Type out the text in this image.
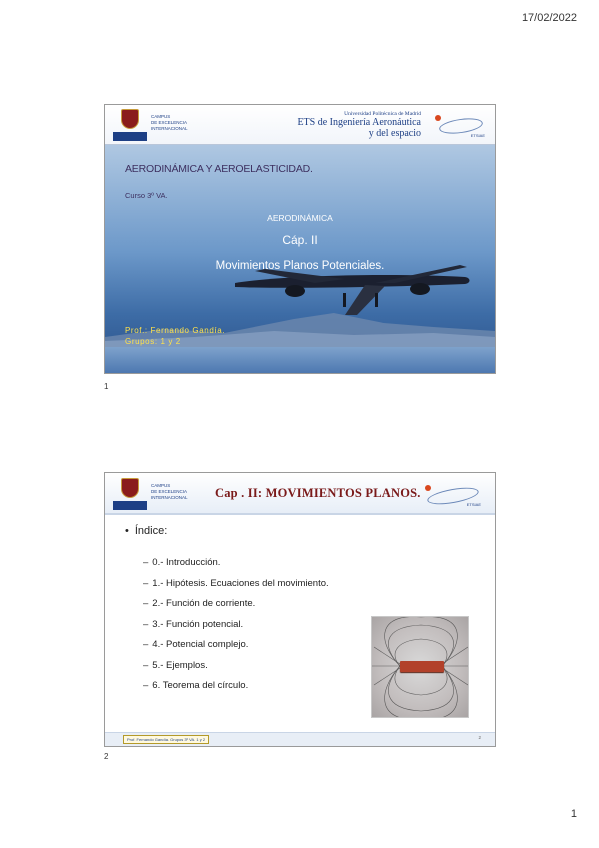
17/02/2022
CAMPUS
DE EXCELENCIA
INTERNACIONAL
Universidad Politécnica de Madrid
ETS de Ingeniería Aeronáutica
y del espacio	ETSIAE
AERODINÁMICA Y AEROELASTICIDAD.
Curso 3º VA.
AERODINÁMICA
Cáp. II
Movimientos Planos Potenciales.
Prof.: Fernando Gandía.
Grupos: 1 y 2
1
CAMPUS
DE EXCELENCIA
INTERNACIONAL Cap . II: MOVIMIENTOS PLANOS.
ETSIAE
• Índice:
– 0.- Introducción.
– 1.- Hipótesis. Ecuaciones del movimiento.
– 2.- Función de corriente.
– 3.- Función potencial.
– 4.- Potencial complejo.
– 5.- Ejemplos.
– 6. Teorema del círculo.
Prof. Fernando Gandía. Grupos 3º VA. 1 y 2	2
2
1
